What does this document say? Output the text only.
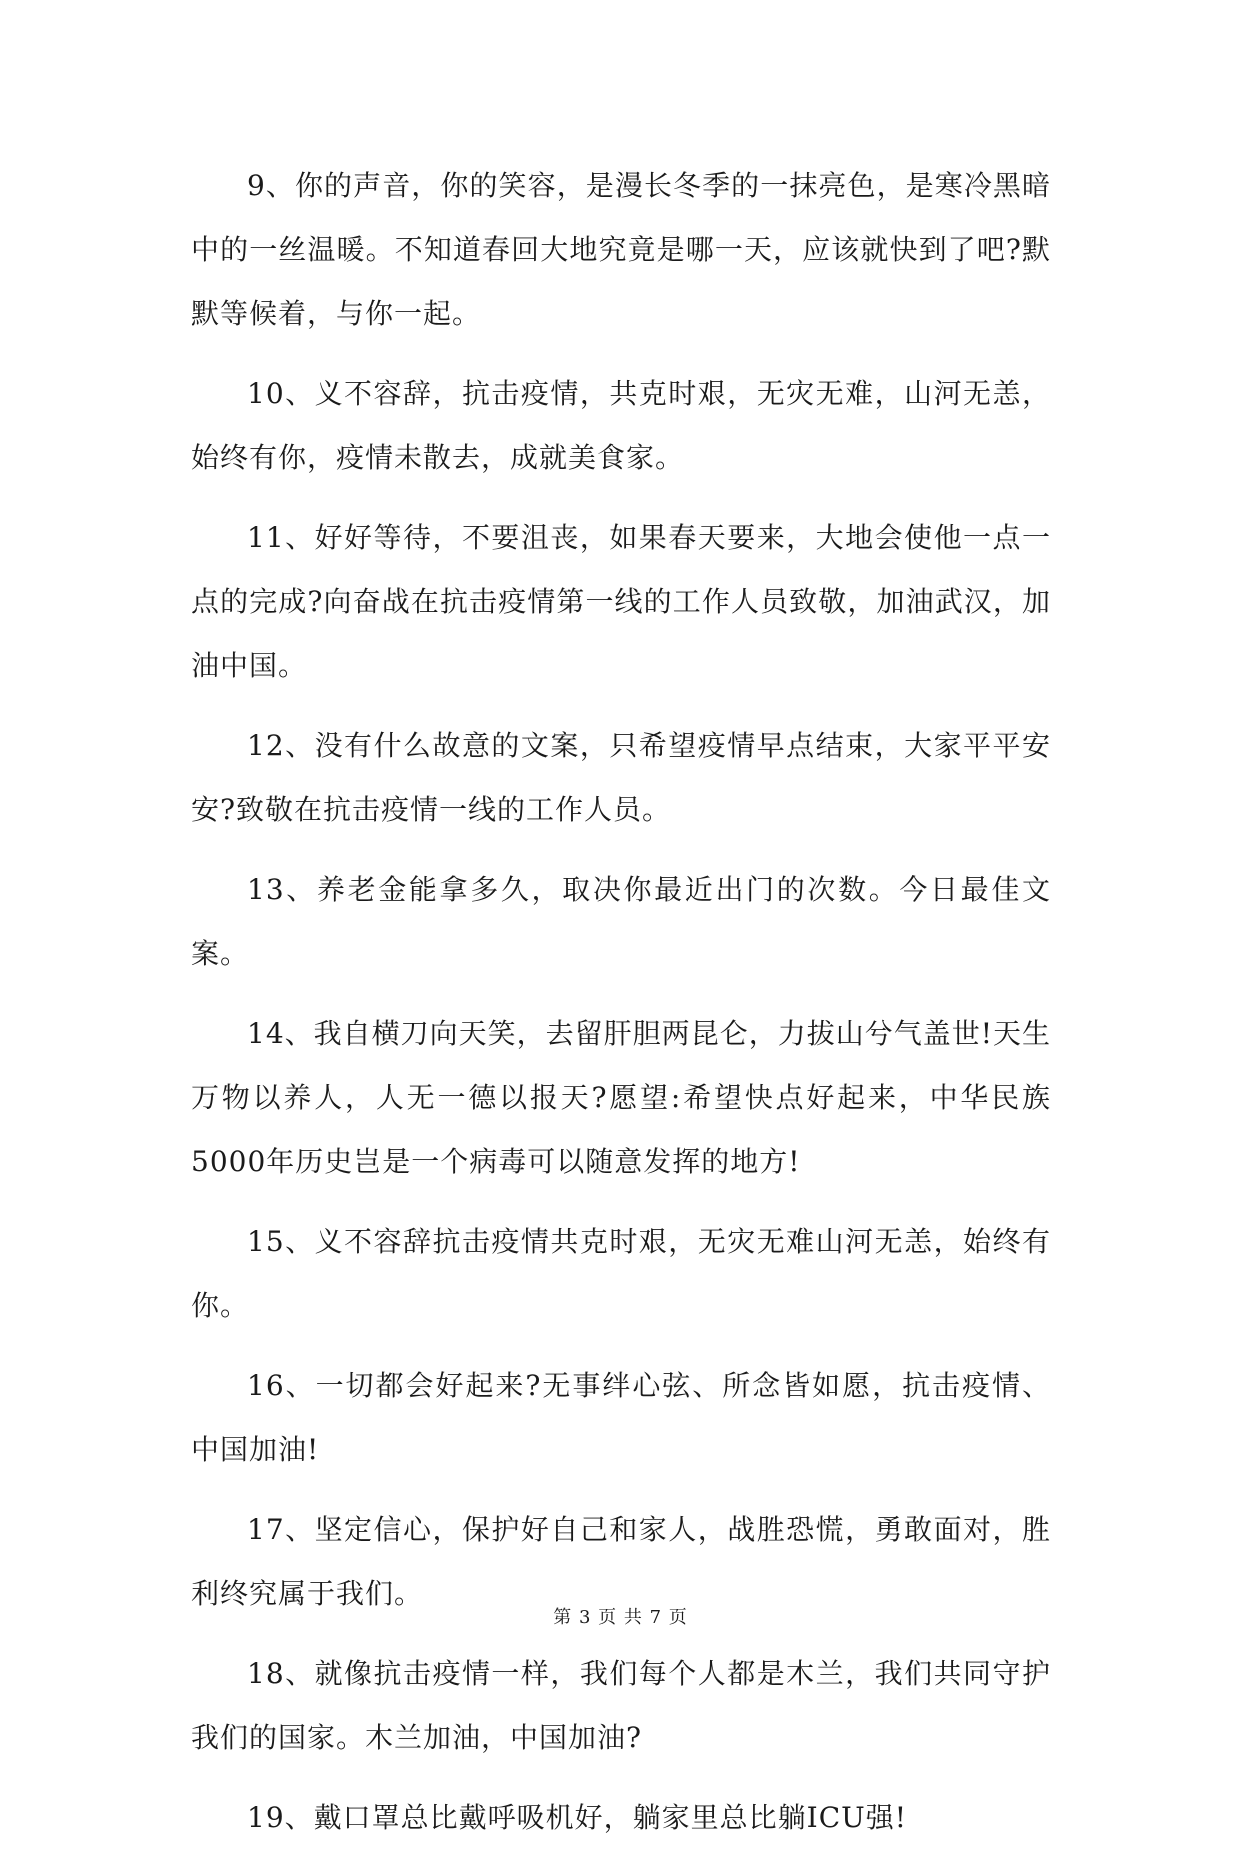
9、你的声音，你的笑容，是漫长冬季的一抹亮色，是寒冷黑暗中的一丝温暖。不知道春回大地究竟是哪一天，应该就快到了吧?默默等候着，与你一起。

10、义不容辞，抗击疫情，共克时艰，无灾无难，山河无恙，始终有你，疫情未散去，成就美食家。

11、好好等待，不要沮丧，如果春天要来，大地会使他一点一点的完成?向奋战在抗击疫情第一线的工作人员致敬，加油武汉，加油中国。

12、没有什么故意的文案，只希望疫情早点结束，大家平平安安?致敬在抗击疫情一线的工作人员。

13、养老金能拿多久，取决你最近出门的次数。今日最佳文案。

14、我自横刀向天笑，去留肝胆两昆仑，力拔山兮气盖世!天生万物以养人，人无一德以报天?愿望:希望快点好起来，中华民族5000年历史岂是一个病毒可以随意发挥的地方!

15、义不容辞抗击疫情共克时艰，无灾无难山河无恙，始终有你。

16、一切都会好起来?无事绊心弦、所念皆如愿，抗击疫情、中国加油!

17、坚定信心，保护好自己和家人，战胜恐慌，勇敢面对，胜利终究属于我们。

18、就像抗击疫情一样，我们每个人都是木兰，我们共同守护我们的国家。木兰加油，中国加油?

19、戴口罩总比戴呼吸机好，躺家里总比躺ICU强!

第 3 页 共 7 页
